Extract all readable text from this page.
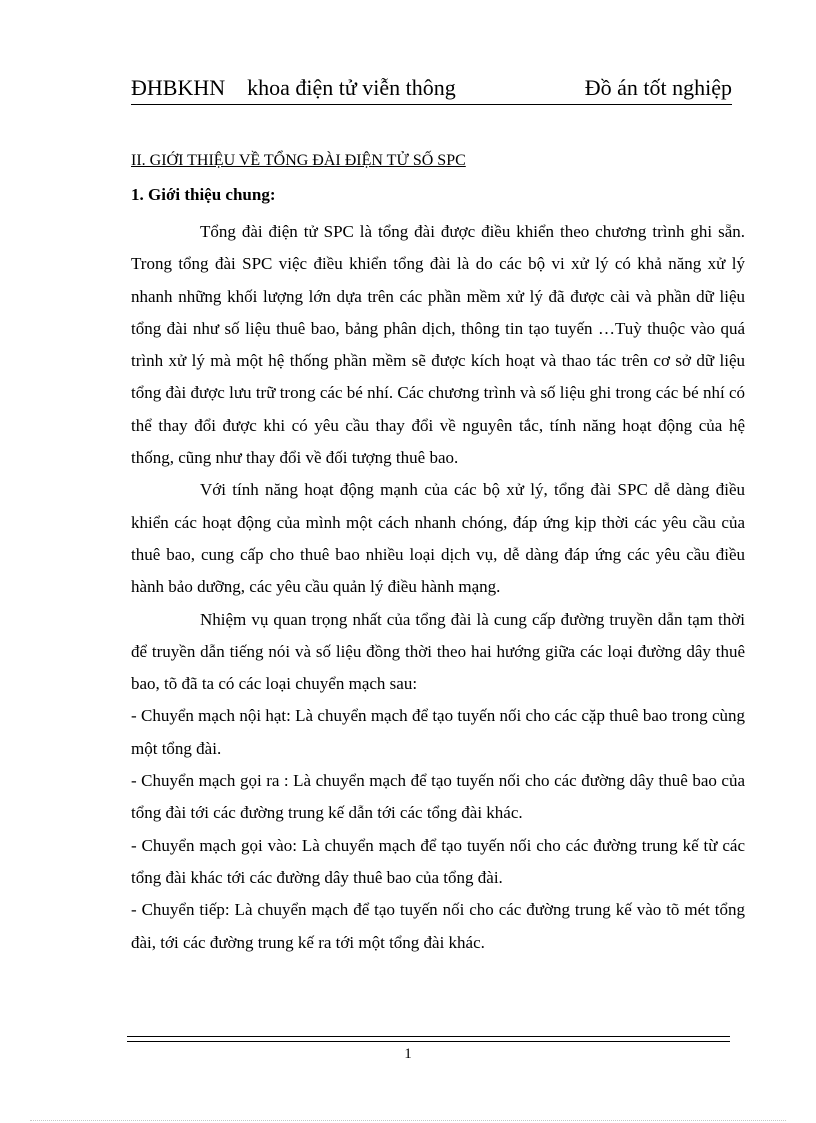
ĐHBKHN    khoa điện tử viễn thông	Đồ án tốt nghiệp
II. GIỚI THIỆU VỀ TỔNG ĐÀI ĐIỆN TỬ SỐ SPC
1. Giới thiệu chung:

Tổng đài điện tử SPC là tổng đài được điều khiển theo chương trình ghi sẵn. Trong tổng đài SPC việc điều khiển tổng đài là do các bộ vi xử lý có khả năng xử lý nhanh những khối lượng lớn dựa trên các phần mềm xử lý đã được cài và phần dữ liệu tổng đài như số liệu thuê bao, bảng phân dịch, thông tin tạo tuyến …Tuỳ thuộc vào quá trình xử lý mà một hệ thống phần mềm sẽ được kích hoạt và thao tác trên cơ sở dữ liệu tổng đài được lưu trữ trong các bé nhí. Các chương trình và số liệu ghi trong các bé nhí có thể thay đổi được khi có yêu cầu thay đổi về nguyên tắc, tính năng hoạt động của hệ thống, cũng như thay đổi về đối tượng thuê bao.

Với tính năng hoạt động mạnh của các bộ xử lý, tổng đài SPC dễ dàng điều khiển các hoạt động của mình một cách nhanh chóng, đáp ứng kịp thời các yêu cầu của thuê bao, cung cấp cho thuê bao nhiều loại dịch vụ, dễ dàng đáp ứng các yêu cầu điều hành bảo dưỡng, các yêu cầu quản lý điều hành mạng.

Nhiệm vụ quan trọng nhất của tổng đài là cung cấp đường truyền dẫn tạm thời để truyền dẫn tiếng nói và số liệu đồng thời theo hai hướng giữa các loại đường dây thuê bao, tõ đã ta có các loại chuyển mạch sau:

- Chuyển mạch nội hạt: Là chuyển mạch để tạo tuyến nối cho các cặp thuê bao trong cùng một tổng đài.

- Chuyển mạch gọi ra : Là chuyển mạch để tạo tuyến nối cho các đường dây thuê bao của tổng đài tới các đường trung kế dẫn tới các tổng đài khác.

- Chuyển mạch gọi vào: Là chuyển mạch để tạo tuyến nối cho các đường trung kế từ các tổng đài khác tới các đường dây thuê bao của tổng đài.

- Chuyển tiếp: Là chuyển mạch để tạo tuyến nối cho các đường trung kế vào tõ mét tổng đài, tới các đường trung kế ra tới một tổng đài khác.

1
